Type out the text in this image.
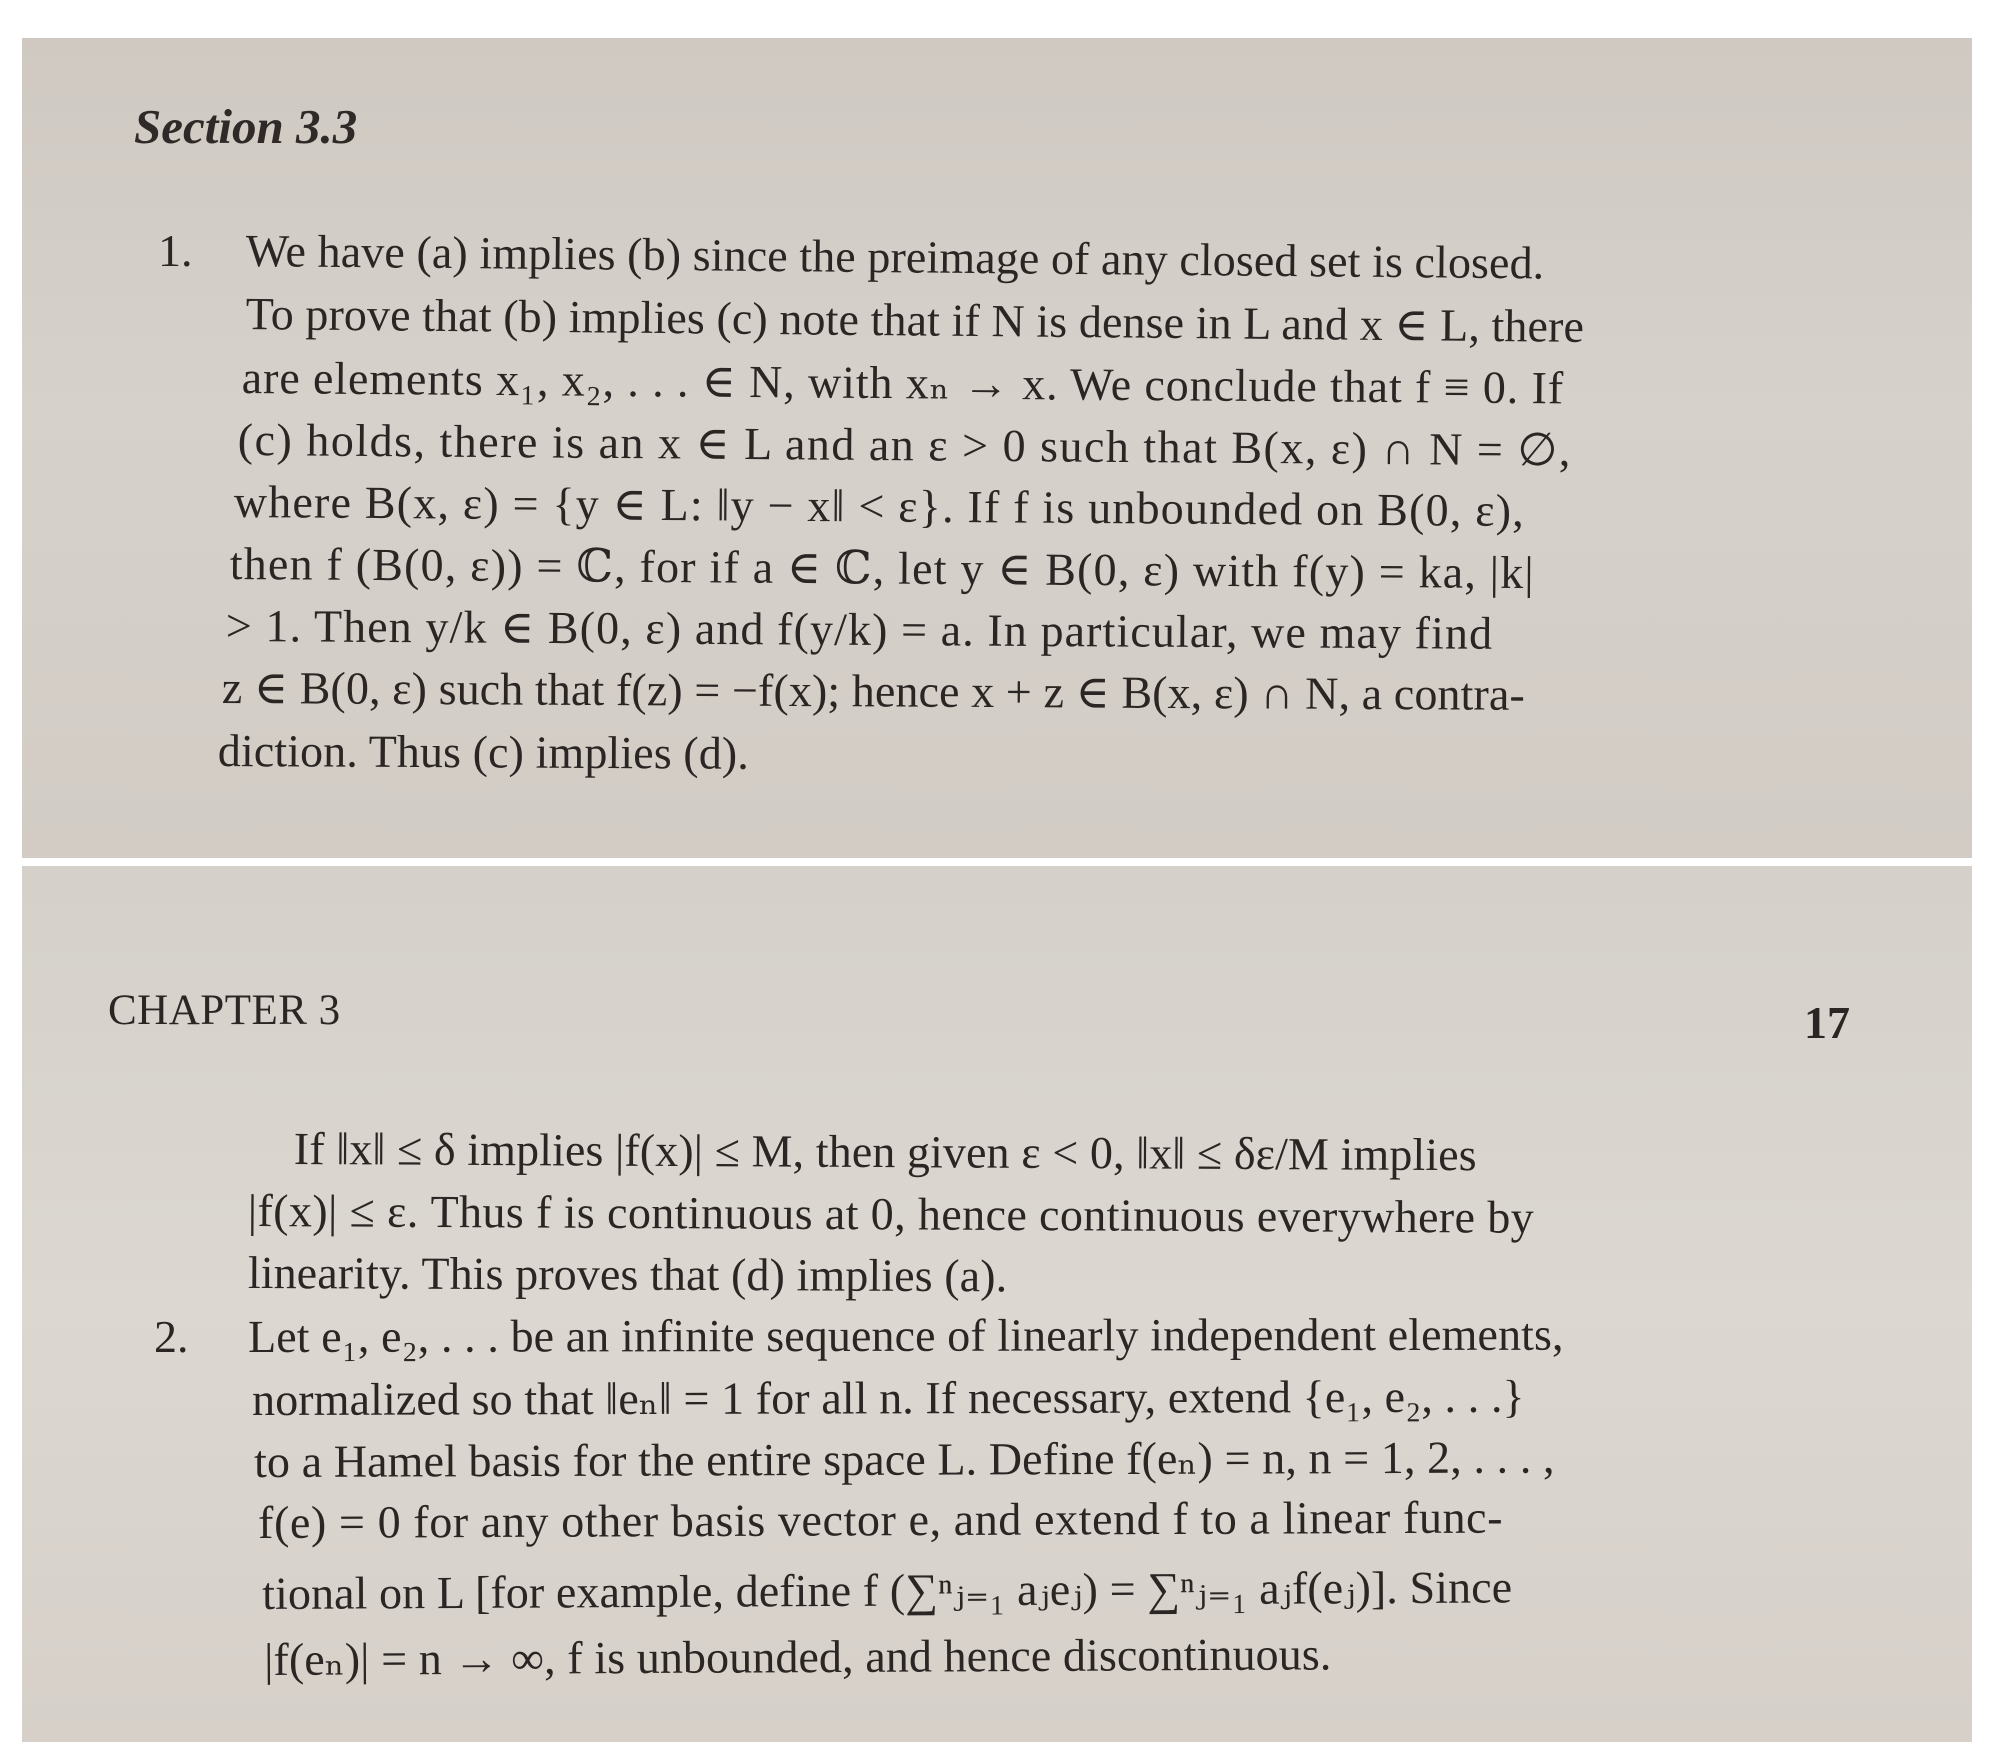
Section 3.3
1. We have (a) implies (b) since the preimage of any closed set is closed.
To prove that (b) implies (c) note that if N is dense in L and x ∈ L, there
are elements x₁, x₂, . . . ∈ N, with xₙ → x. We conclude that f ≡ 0. If
(c) holds, there is an x ∈ L and an ε > 0 such that B(x, ε) ∩ N = ∅,
where B(x, ε) = {y ∈ L: ‖y − x‖ < ε}. If f is unbounded on B(0, ε),
then f (B(0, ε)) = ℂ, for if a ∈ ℂ, let y ∈ B(0, ε) with f(y) = ka, |k|
> 1. Then y/k ∈ B(0, ε) and f(y/k) = a. In particular, we may find
z ∈ B(0, ε) such that f(z) = −f(x); hence x + z ∈ B(x, ε) ∩ N, a contra-
diction. Thus (c) implies (d).
CHAPTER 3	17
If ‖x‖ ≤ δ implies |f(x)| ≤ M, then given ε < 0, ‖x‖ ≤ δε/M implies
|f(x)| ≤ ε. Thus f is continuous at 0, hence continuous everywhere by
linearity. This proves that (d) implies (a).
2. Let e₁, e₂, . . . be an infinite sequence of linearly independent elements,
normalized so that ‖eₙ‖ = 1 for all n. If necessary, extend {e₁, e₂, . . .}
to a Hamel basis for the entire space L. Define f(eₙ) = n, n = 1, 2, . . . ,
f(e) = 0 for any other basis vector e, and extend f to a linear func-
tional on L [for example, define f (∑ⁿⱼ₌₁ aⱼeⱼ) = ∑ⁿⱼ₌₁ aⱼf(eⱼ)]. Since
|f(eₙ)| = n → ∞, f is unbounded, and hence discontinuous.
